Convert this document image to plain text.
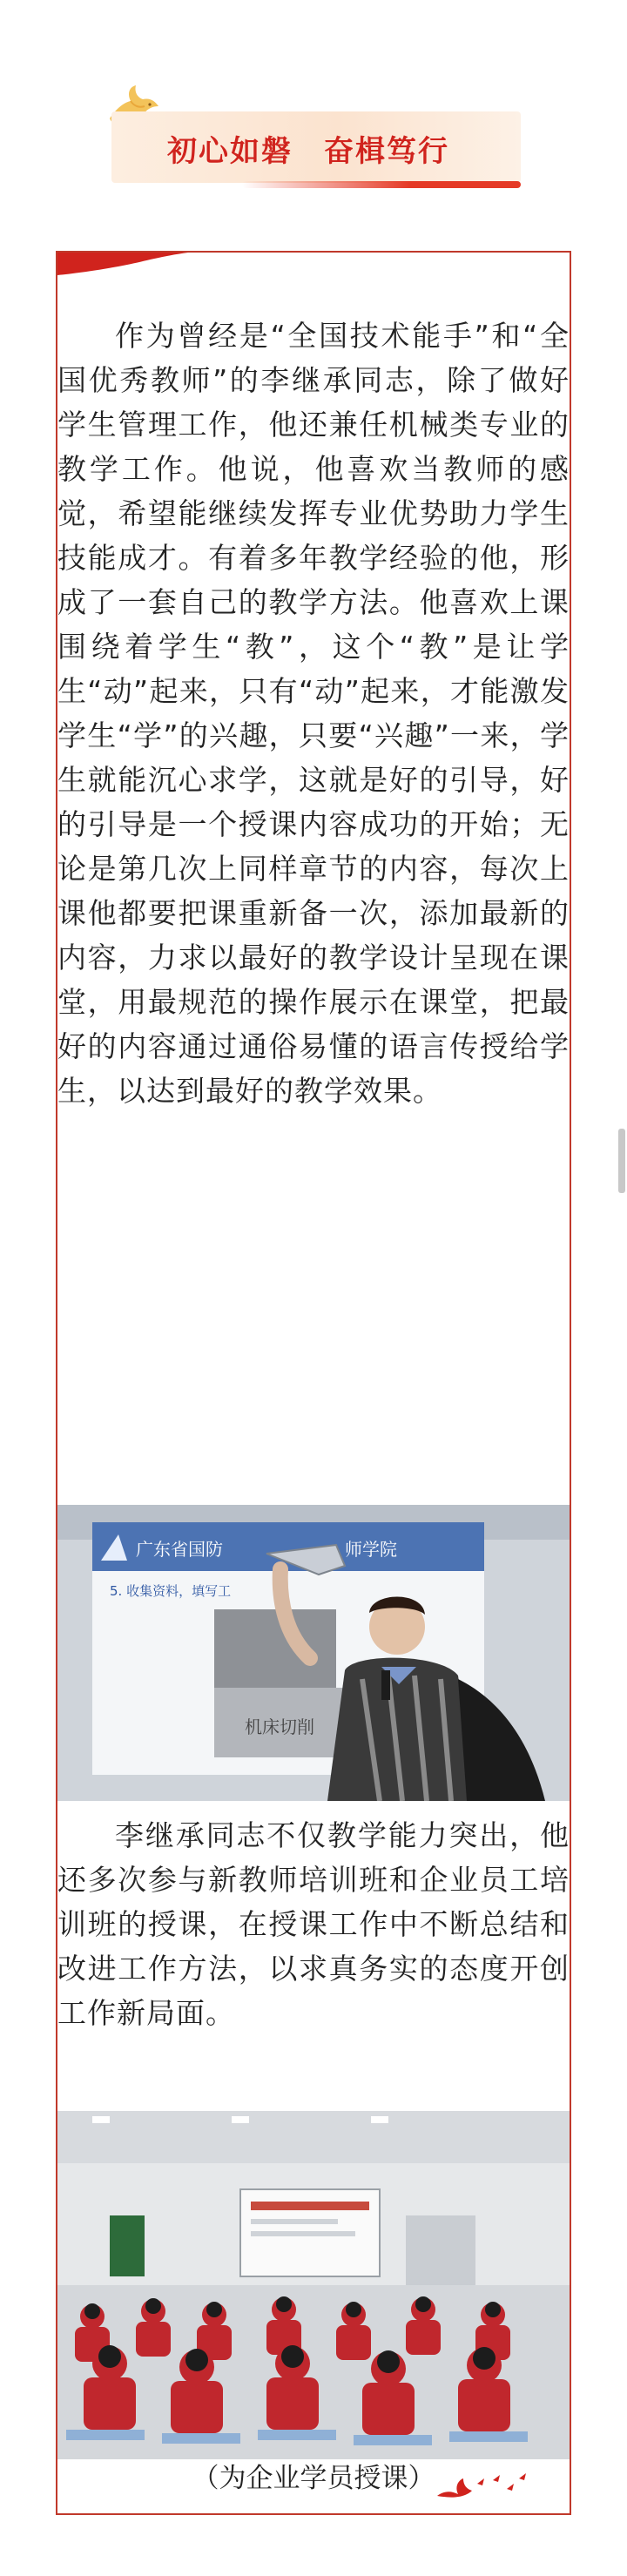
初心如磐　奋楫笃行
作为曾经是“全国技术能手”和“全国优秀教师”的李继承同志，除了做好学生管理工作，他还兼任机械类专业的教学工作。他说，他喜欢当教师的感觉，希望能继续发挥专业优势助力学生技能成才。有着多年教学经验的他，形成了一套自己的教学方法。他喜欢上课围绕着学生“教”，这个“教”是让学生“动”起来，只有“动”起来，才能激发学生“学”的兴趣，只要“兴趣”一来，学生就能沉心求学，这就是好的引导，好的引导是一个授课内容成功的开始；无论是第几次上同样章节的内容，每次上课他都要把课重新备一次，添加最新的内容，力求以最好的教学设计呈现在课堂，用最规范的操作展示在课堂，把最好的内容通过通俗易懂的语言传授给学生，以达到最好的教学效果。
广东省国防	师学院
5. 收集资料，填写工
机床切削
李继承同志不仅教学能力突出，他还多次参与新教师培训班和企业员工培训班的授课，在授课工作中不断总结和改进工作方法，以求真务实的态度开创工作新局面。
（为企业学员授课）
